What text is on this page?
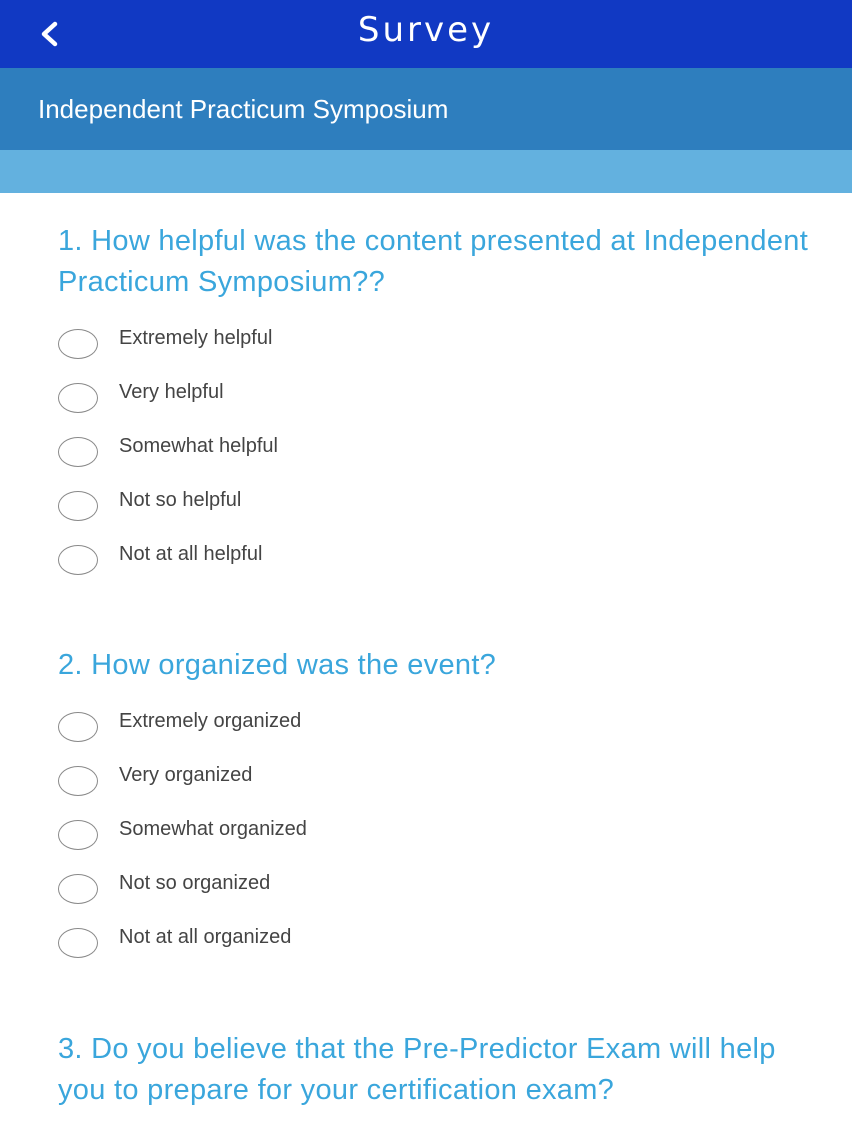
Survey
Independent Practicum Symposium
1. How helpful was the content presented at Independent Practicum Symposium??
Extremely helpful
Very helpful
Somewhat helpful
Not so helpful
Not at all helpful
2. How organized was the event?
Extremely organized
Very organized
Somewhat organized
Not so organized
Not at all organized
3. Do you believe that the Pre-Predictor Exam will help you to prepare for your certification exam?
